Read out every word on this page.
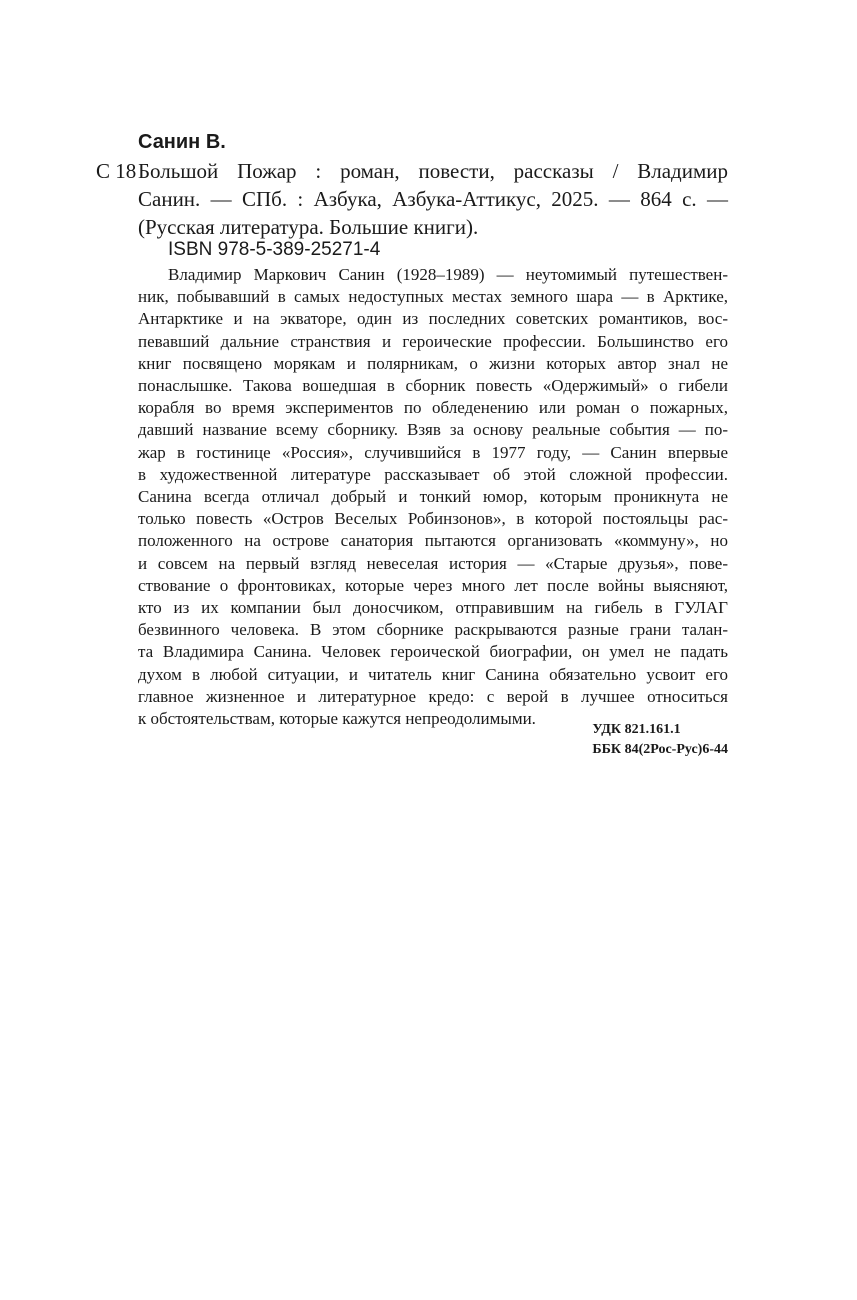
Санин В.
С 18 Большой Пожар : роман, повести, рассказы / Владимир
Санин. — СПб. : Азбука, Азбука-Аттикус, 2025. — 864 с. —
(Русская литература. Большие книги).
ISBN 978-5-389-25271-4
Владимир Маркович Санин (1928–1989) — неутомимый путешествен-
ник, побывавший в самых недоступных местах земного шара — в Арктике,
Антарктике и на экваторе, один из последних советских романтиков, вос-
певавший дальние странствия и героические профессии. Большинство его
книг посвящено морякам и полярникам, о жизни которых автор знал не
понаслышке. Такова вошедшая в сборник повесть «Одержимый» о гибели
корабля во время экспериментов по обледенению или роман о пожарных,
давший название всему сборнику. Взяв за основу реальные события — по-
жар в гостинице «Россия», случившийся в 1977 году, — Санин впервые
в художественной литературе рассказывает об этой сложной профессии.
Санина всегда отличал добрый и тонкий юмор, которым проникнута не
только повесть «Остров Веселых Робинзонов», в которой постояльцы рас-
положенного на острове санатория пытаются организовать «коммуну», но
и совсем на первый взгляд невеселая история — «Старые друзья», пове-
ствование о фронтовиках, которые через много лет после войны выясняют,
кто из их компании был доносчиком, отправившим на гибель в ГУЛАГ
безвинного человека. В этом сборнике раскрываются разные грани талан-
та Владимира Санина. Человек героической биографии, он умел не падать
духом в любой ситуации, и читатель книг Санина обязательно усвоит его
главное жизненное и литературное кредо: с верой в лучшее относиться
к обстоятельствам, которые кажутся непреодолимыми.
УДК 821.161.1
ББК 84(2Рос-Рус)6-44
